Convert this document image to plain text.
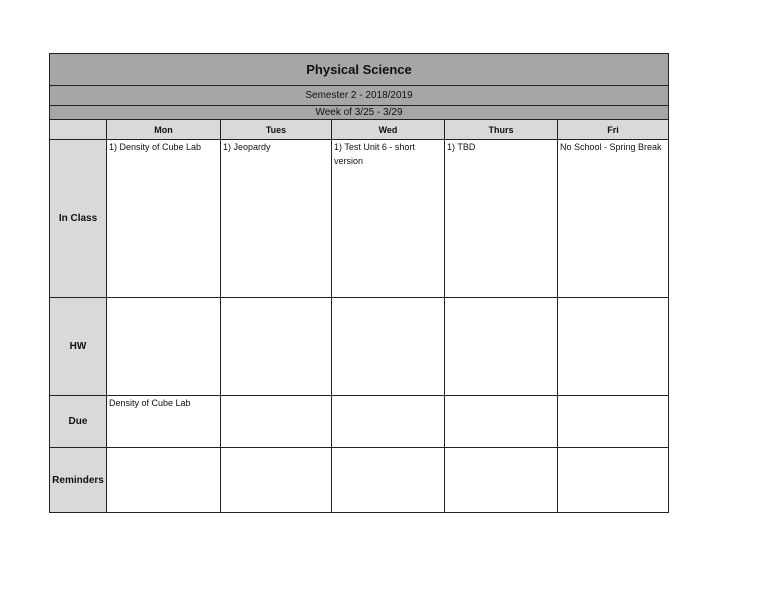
Physical Science					
Semester 2 - 2018/2019					
Week of 3/25 - 3/29					
	Mon	Tues	Wed	Thurs	Fri
In Class	1) Density of Cube Lab	1) Jeopardy	1) Test Unit 6 - short version	1) TBD	No School - Spring Break

HW	

Due	Density of Cube Lab				

Reminders	
